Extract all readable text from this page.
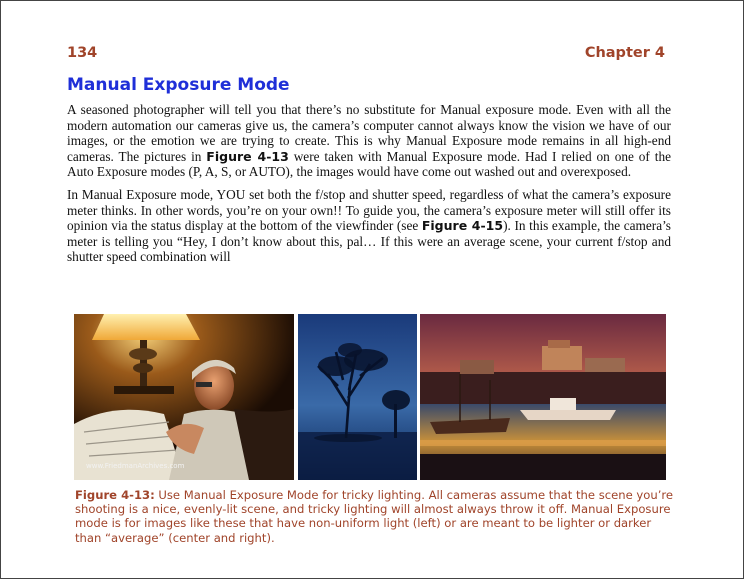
134	Chapter 4
Manual Exposure Mode

A seasoned photographer will tell you that there’s no substitute for Manual exposure mode. Even with all the modern automation our cameras give us, the camera’s computer cannot always know the vision we have of our images, or the emotion we are trying to create. This is why Manual Exposure mode remains in all high-end cameras. The pictures in Figure 4-13 were taken with Manual Exposure mode. Had I relied on one of the Auto Exposure modes (P, A, S, or AUTO), the images would have come out washed out and overexposed.

In Manual Exposure mode, YOU set both the f/stop and shutter speed, regardless of what the camera’s exposure meter thinks. In other words, you’re on your own!! To guide you, the camera’s exposure meter will still offer its opinion via the status display at the bottom of the viewfinder (see Figure 4-15). In this example, the camera’s meter is telling you “Hey, I don’t know about this, pal… If this were an average scene, your current f/stop and shutter speed combination will

www.FriedmanArchives.com
Figure 4-13: Use Manual Exposure Mode for tricky lighting. All cameras assume that the scene you’re shooting is a nice, evenly-lit scene, and tricky lighting will almost always throw it off. Manual Exposure mode is for images like these that have non-uniform light (left) or are meant to be lighter or darker than “average” (center and right).
